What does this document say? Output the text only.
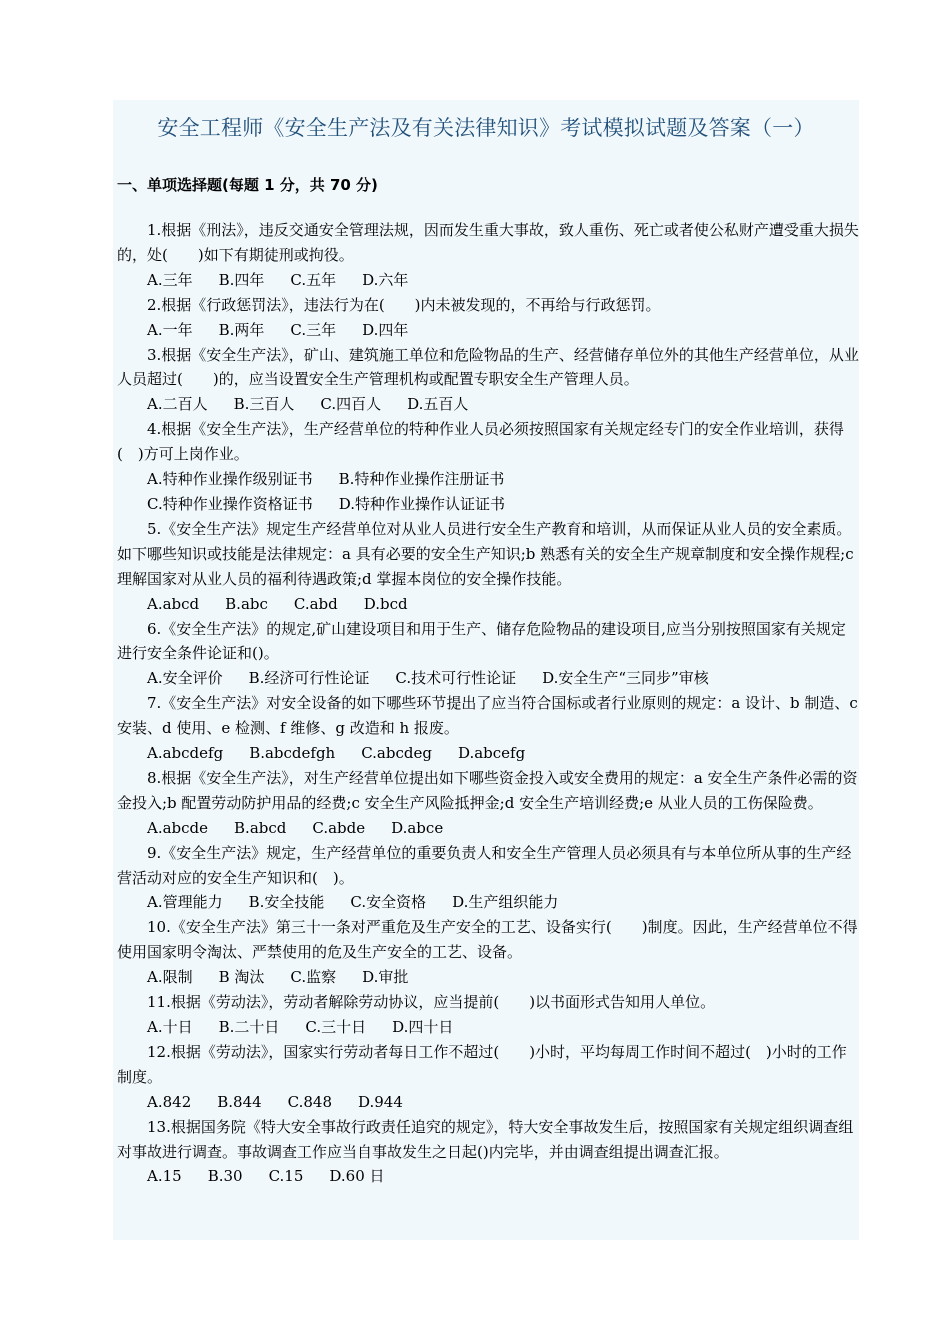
安全工程师《安全生产法及有关法律知识》考试模拟试题及答案（一）
一、单项选择题(每题 1 分，共 70 分)

1.根据《刑法》，违反交通安全管理法规，因而发生重大事故，致人重伤、死亡或者使公私财产遭受重大损失的，处(　　)如下有期徒刑或拘役。

A.三年 B.四年 C.五年 D.六年

2.根据《行政惩罚法》，违法行为在(　　)内未被发现的，不再给与行政惩罚。

A.一年 B.两年 C.三年 D.四年

3.根据《安全生产法》，矿山、建筑施工单位和危险物品的生产、经营储存单位外的其他生产经营单位，从业人员超过(　　)的，应当设置安全生产管理机构或配置专职安全生产管理人员。

A.二百人 B.三百人 C.四百人 D.五百人

4.根据《安全生产法》，生产经营单位的特种作业人员必须按照国家有关规定经专门的安全作业培训，获得(　)方可上岗作业。

A.特种作业操作级别证书 B.特种作业操作注册证书
C.特种作业操作资格证书 D.特种作业操作认证证书

5.《安全生产法》规定生产经营单位对从业人员进行安全生产教育和培训，从而保证从业人员的安全素质。如下哪些知识或技能是法律规定：a 具有必要的安全生产知识;b 熟悉有关的安全生产规章制度和安全操作规程;c 理解国家对从业人员的福利待遇政策;d 掌握本岗位的安全操作技能。

A.abcd B.abc C.abd D.bcd

6.《安全生产法》的规定,矿山建设项目和用于生产、储存危险物品的建设项目,应当分别按照国家有关规定进行安全条件论证和()。

A.安全评价 B.经济可行性论证 C.技术可行性论证 D.安全生产“三同步”审核

7.《安全生产法》对安全设备的如下哪些环节提出了应当符合国标或者行业原则的规定：a 设计、b 制造、c 安装、d 使用、e 检测、f 维修、g 改造和 h 报废。

A.abcdefg B.abcdefgh C.abcdeg D.abcefg

8.根据《安全生产法》，对生产经营单位提出如下哪些资金投入或安全费用的规定：a 安全生产条件必需的资金投入;b 配置劳动防护用品的经费;c 安全生产风险抵押金;d 安全生产培训经费;e 从业人员的工伤保险费。

A.abcde B.abcd C.abde D.abce

9.《安全生产法》规定，生产经营单位的重要负责人和安全生产管理人员必须具有与本单位所从事的生产经营活动对应的安全生产知识和(　)。

A.管理能力 B.安全技能 C.安全资格 D.生产组织能力

10.《安全生产法》第三十一条对严重危及生产安全的工艺、设备实行(　　)制度。因此，生产经营单位不得使用国家明令淘汰、严禁使用的危及生产安全的工艺、设备。

A.限制 B 淘汰 C.监察 D.审批

11.根据《劳动法》，劳动者解除劳动协议，应当提前(　　)以书面形式告知用人单位。

A.十日 B.二十日 C.三十日 D.四十日

12.根据《劳动法》，国家实行劳动者每日工作不超过(　　)小时，平均每周工作时间不超过(　)小时的工作制度。

A.842 B.844 C.848 D.944

13.根据国务院《特大安全事故行政责任追究的规定》，特大安全事故发生后，按照国家有关规定组织调查组对事故进行调查。事故调查工作应当自事故发生之日起()内完毕，并由调查组提出调查汇报。

A.15 B.30 C.15 D.60 日
